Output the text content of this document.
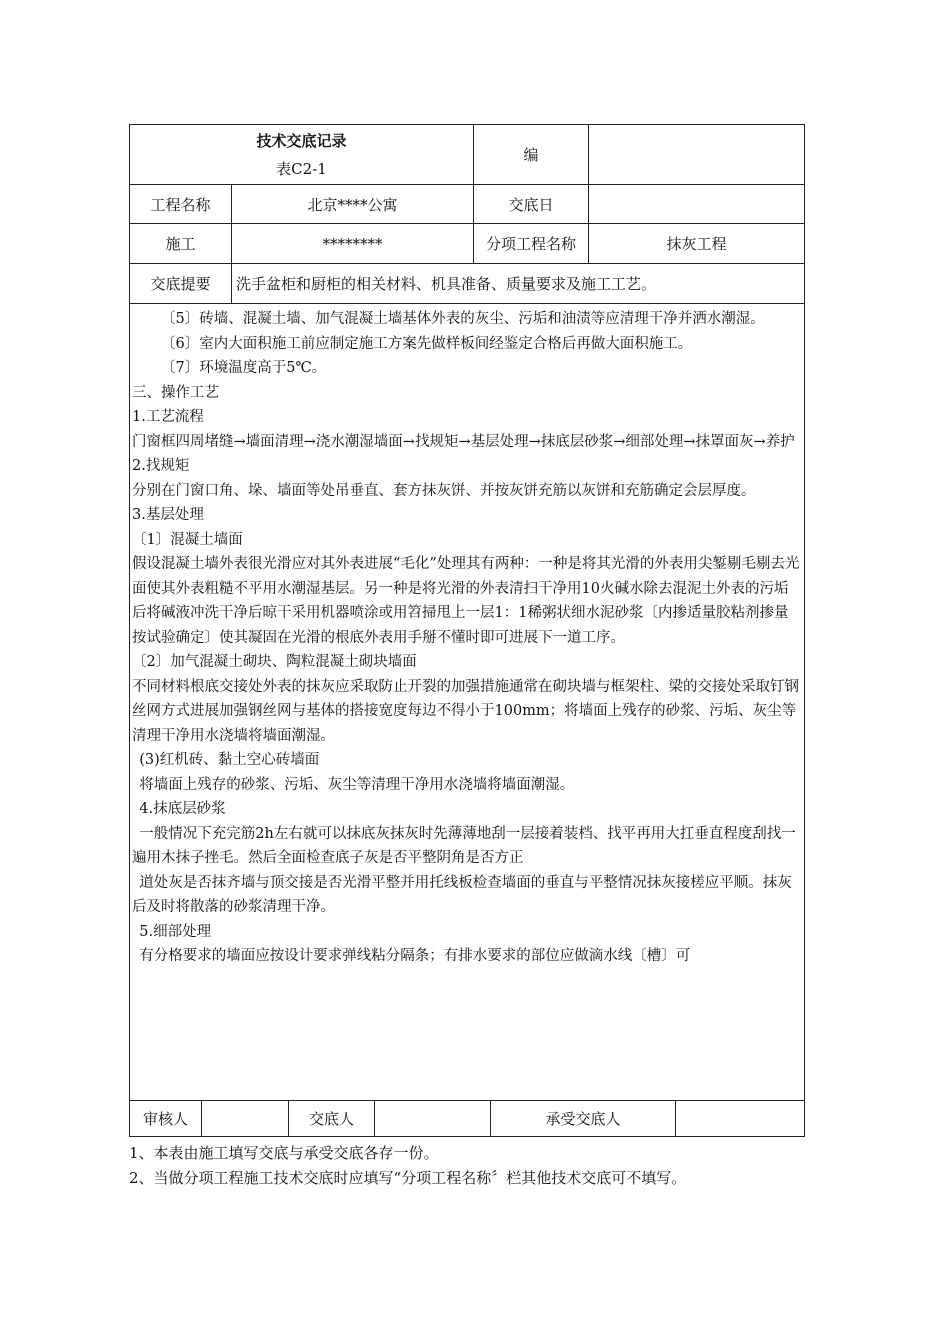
技术交底记录
表C2-1
编
工程名称	北京****公寓	交底日
施工	********	分项工程名称	抹灰工程
交底提要	洗手盆柜和厨柜的相关材料、机具准备、质量要求及施工工艺。

〔5〕砖墙、混凝土墙、加气混凝土墙基体外表的灰尘、污垢和油渍等应清理干净并洒水潮湿。

〔6〕室内大面积施工前应制定施工方案先做样板间经鉴定合格后再做大面积施工。

〔7〕环境温度高于5℃。

三、操作工艺

1.工艺流程

门窗框四周堵缝→墙面清理→浇水潮湿墙面→找规矩→基层处理→抹底层砂浆→细部处理→抹罩面灰→养护

2.找规矩

分别在门窗口角、垛、墙面等处吊垂直、套方抹灰饼、并按灰饼充筋以灰饼和充筋确定会层厚度。

3.基层处理

〔1〕混凝土墙面

假设混凝土墙外表很光滑应对其外表进展“毛化”处理其有两种：一种是将其光滑的外表用尖錾剔毛剔去光面使其外表粗糙不平用水潮湿基层。另一种是将光滑的外表清扫干净用10火碱水除去混泥土外表的污垢后将碱液冲洗干净后晾干采用机器喷涂或用笤掃甩上一层1：1稀粥状细水泥砂浆〔内掺适量胶粘剂掺量按试验确定〕使其凝固在光滑的根底外表用手掰不懂时即可进展下一道工序。

〔2〕加气混凝土砌块、陶粒混凝土砌块墙面

不同材料根底交接处外表的抹灰应采取防止开裂的加强措施通常在砌块墙与框架柱、梁的交接处采取钉钢丝网方式进展加强钢丝网与基体的搭接宽度每边不得小于100mm；将墙面上残存的砂浆、污垢、灰尘等清理干净用水浇墙将墙面潮湿。

(3)红机砖、黏土空心砖墙面

将墙面上残存的砂浆、污垢、灰尘等清理干净用水浇墙将墙面潮湿。

4.抹底层砂浆

一般情况下充完筋2h左右就可以抹底灰抹灰时先薄薄地刮一层接着装档、找平再用大扛垂直程度刮找一遍用木抹子挫毛。然后全面检查底子灰是否平整阴角是否方正

道处灰是否抹齐墙与顶交接是否光滑平整并用托线板检查墙面的垂直与平整情况抹灰接槎应平顺。抹灰后及时将散落的砂浆清理干净。

5.细部处理

有分格要求的墙面应按设计要求弹线粘分隔条；有排水要求的部位应做滴水线〔槽〕可

审核人	交底人	承受交底人

1、本表由施工填写交底与承受交底各存一份。

2、当做分项工程施工技术交底时应填写“分项工程名称〞栏其他技术交底可不填写。
